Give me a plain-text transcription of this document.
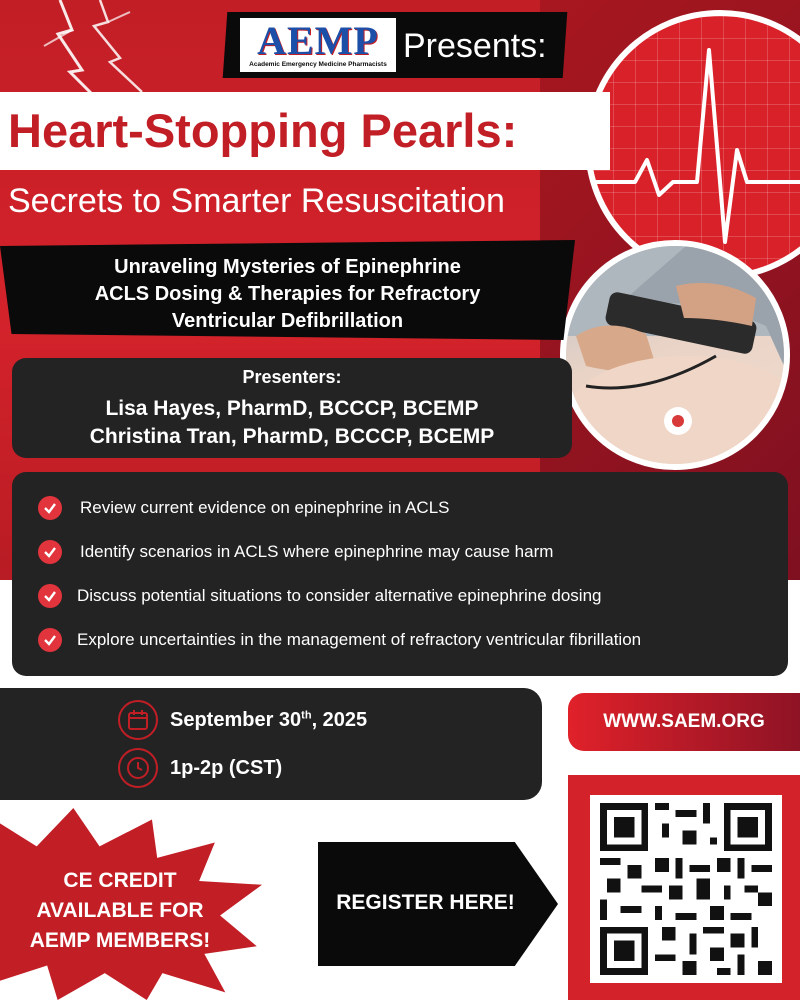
AEMP
Academic Emergency Medicine Pharmacists Presents:
Heart-Stopping Pearls:
Secrets to Smarter Resuscitation
Unraveling Mysteries of Epinephrine
ACLS Dosing & Therapies for Refractory
Ventricular Defibrillation
Presenters:
Lisa Hayes, PharmD, BCCCP, BCEMP
Christina Tran, PharmD, BCCCP, BCEMP
Review current evidence on epinephrine in ACLS
Identify scenarios in ACLS where epinephrine may cause harm
Discuss potential situations to consider alternative epinephrine dosing
Explore uncertainties in the management of refractory ventricular fibrillation
September 30th, 2025
1p-2p (CST)
WWW.SAEM.ORG
CE CREDIT
AVAILABLE FOR
AEMP MEMBERS!
REGISTER HERE!
